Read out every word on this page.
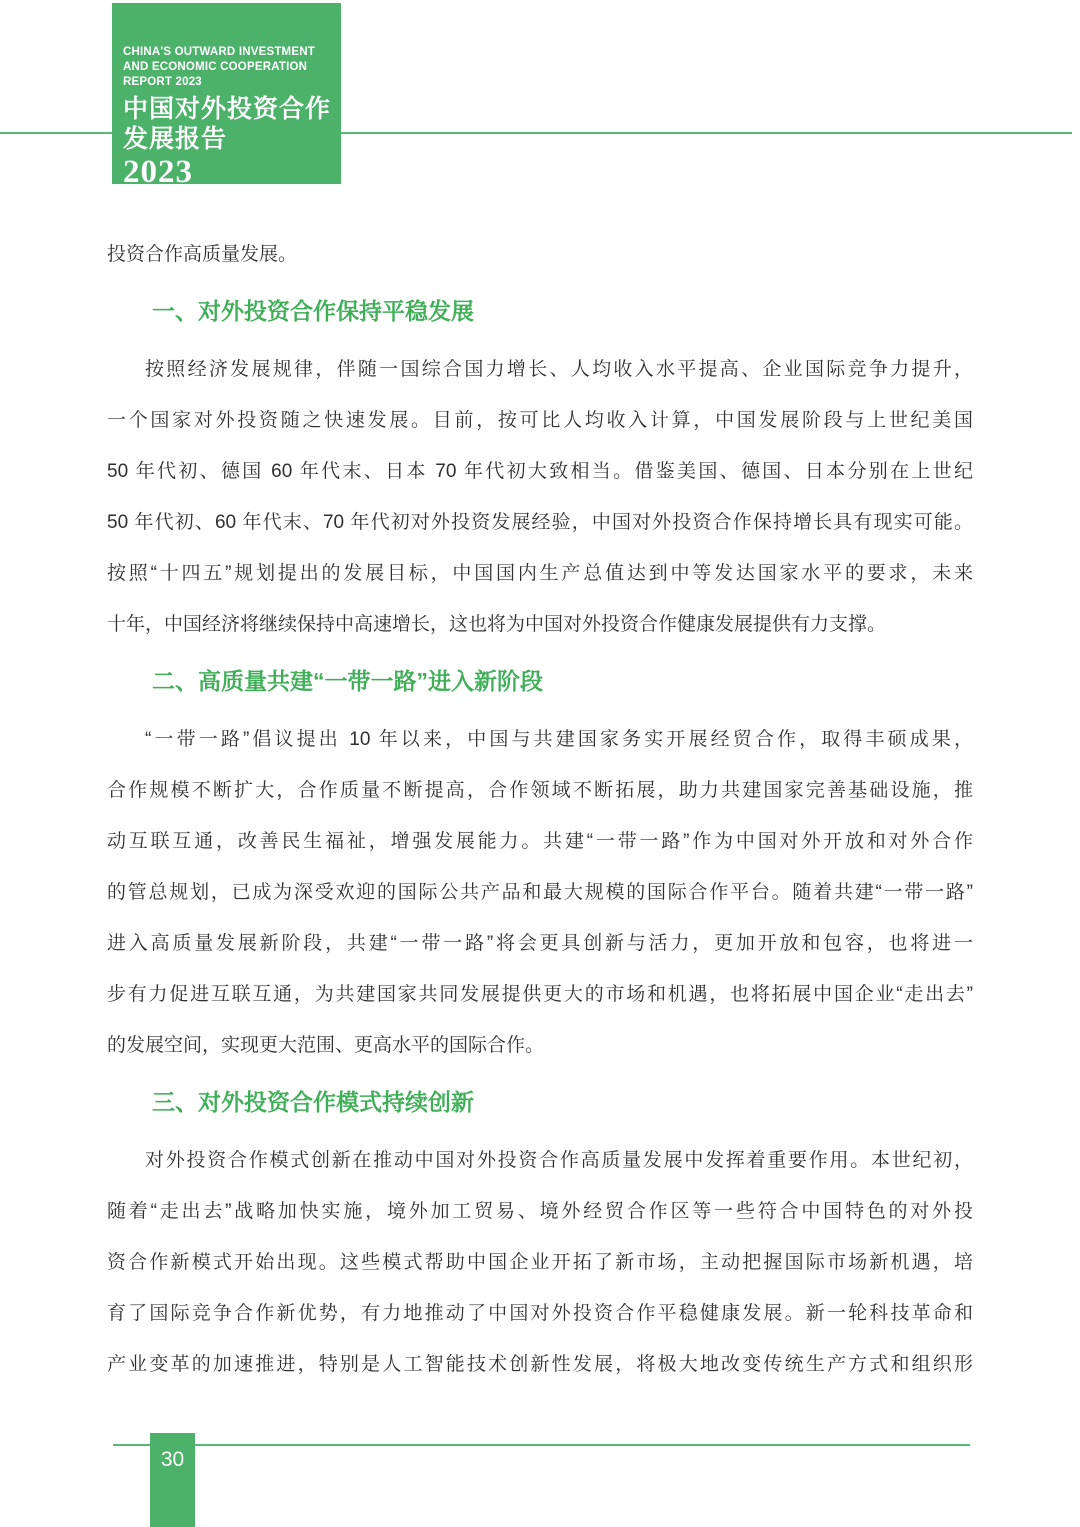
CHINA'S OUTWARD INVESTMENT
AND ECONOMIC COOPERATION
REPORT 2023
中国对外投资合作
发展报告
2023

投资合作高质量发展。

一、对外投资合作保持平稳发展
按照经济发展规律，伴随一国综合国力增长、人均收入水平提高、企业国际竞争力提升，
一个国家对外投资随之快速发展。目前，按可比人均收入计算，中国发展阶段与上世纪美国
50 年代初、德国 60 年代末、日本 70 年代初大致相当。借鉴美国、德国、日本分别在上世纪
50 年代初、60 年代末、70 年代初对外投资发展经验，中国对外投资合作保持增长具有现实可能。
按照“十四五”规划提出的发展目标，中国国内生产总值达到中等发达国家水平的要求，未来
十年，中国经济将继续保持中高速增长，这也将为中国对外投资合作健康发展提供有力支撑。
二、高质量共建“一带一路”进入新阶段
“一带一路”倡议提出 10 年以来，中国与共建国家务实开展经贸合作，取得丰硕成果，
合作规模不断扩大，合作质量不断提高，合作领域不断拓展，助力共建国家完善基础设施，推
动互联互通，改善民生福祉，增强发展能力。共建“一带一路”作为中国对外开放和对外合作
的管总规划，已成为深受欢迎的国际公共产品和最大规模的国际合作平台。随着共建“一带一路”
进入高质量发展新阶段，共建“一带一路”将会更具创新与活力，更加开放和包容，也将进一
步有力促进互联互通，为共建国家共同发展提供更大的市场和机遇，也将拓展中国企业“走出去”
的发展空间，实现更大范围、更高水平的国际合作。
三、对外投资合作模式持续创新
对外投资合作模式创新在推动中国对外投资合作高质量发展中发挥着重要作用。本世纪初，
随着“走出去”战略加快实施，境外加工贸易、境外经贸合作区等一些符合中国特色的对外投
资合作新模式开始出现。这些模式帮助中国企业开拓了新市场，主动把握国际市场新机遇，培
育了国际竞争合作新优势，有力地推动了中国对外投资合作平稳健康发展。新一轮科技革命和
产业变革的加速推进，特别是人工智能技术创新性发展，将极大地改变传统生产方式和组织形
30
